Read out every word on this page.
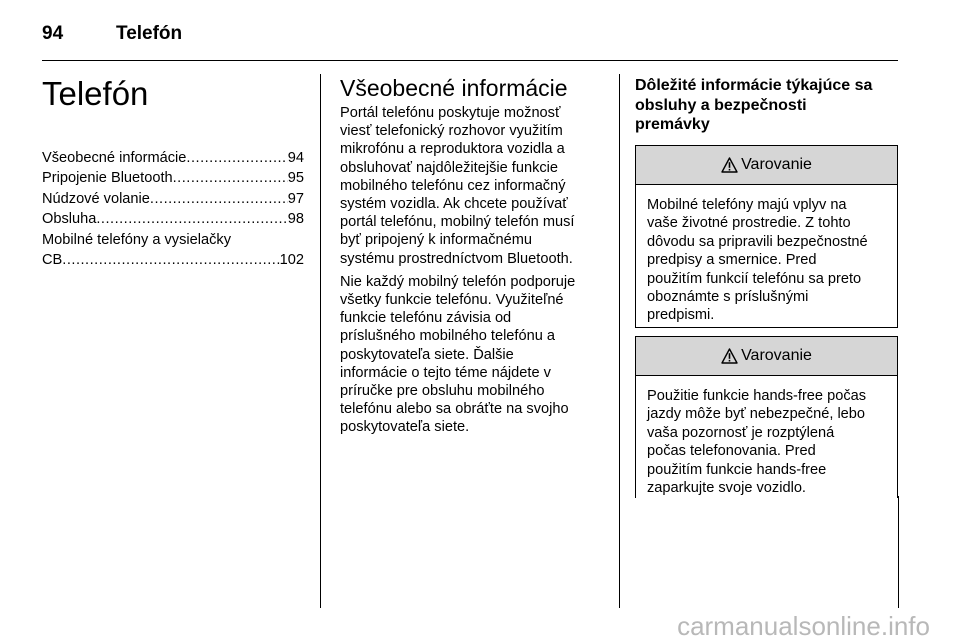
94	Telefón
Telefón
Všeobecné informácie .....	94
Pripojenie Bluetooth .....	95
Núdzové volanie .....	97
Obsluha .....	98
Mobilné telefóny a vysielačky
CB .....	102
Všeobecné informácie

Portál telefónu poskytuje možnosť
viesť telefonický rozhovor využitím
mikrofónu a reproduktora vozidla a
obsluhovať najdôležitejšie funkcie
mobilného telefónu cez informačný
systém vozidla. Ak chcete používať
portál telefónu, mobilný telefón musí
byť pripojený k informačnému
systému prostredníctvom Bluetooth.

Nie každý mobilný telefón podporuje
všetky funkcie telefónu. Využiteľné
funkcie telefónu závisia od
príslušného mobilného telefónu a
poskytovateľa siete. Ďalšie
informácie o tejto téme nájdete v
príručke pre obsluhu mobilného
telefónu alebo sa obráťte na svojho
poskytovateľa siete.

Dôležité informácie týkajúce sa
obsluhy a bezpečnosti
premávky
Varovanie
Mobilné telefóny majú vplyv na
vaše životné prostredie. Z tohto
dôvodu sa pripravili bezpečnostné
predpisy a smernice. Pred
použitím funkcií telefónu sa preto
oboznámte s príslušnými
predpismi.
Varovanie
Použitie funkcie hands-free počas
jazdy môže byť nebezpečné, lebo
vaša pozornosť je rozptýlená
počas telefonovania. Pred
použitím funkcie hands-free
zaparkujte svoje vozidlo.
carmanualsonline.info
